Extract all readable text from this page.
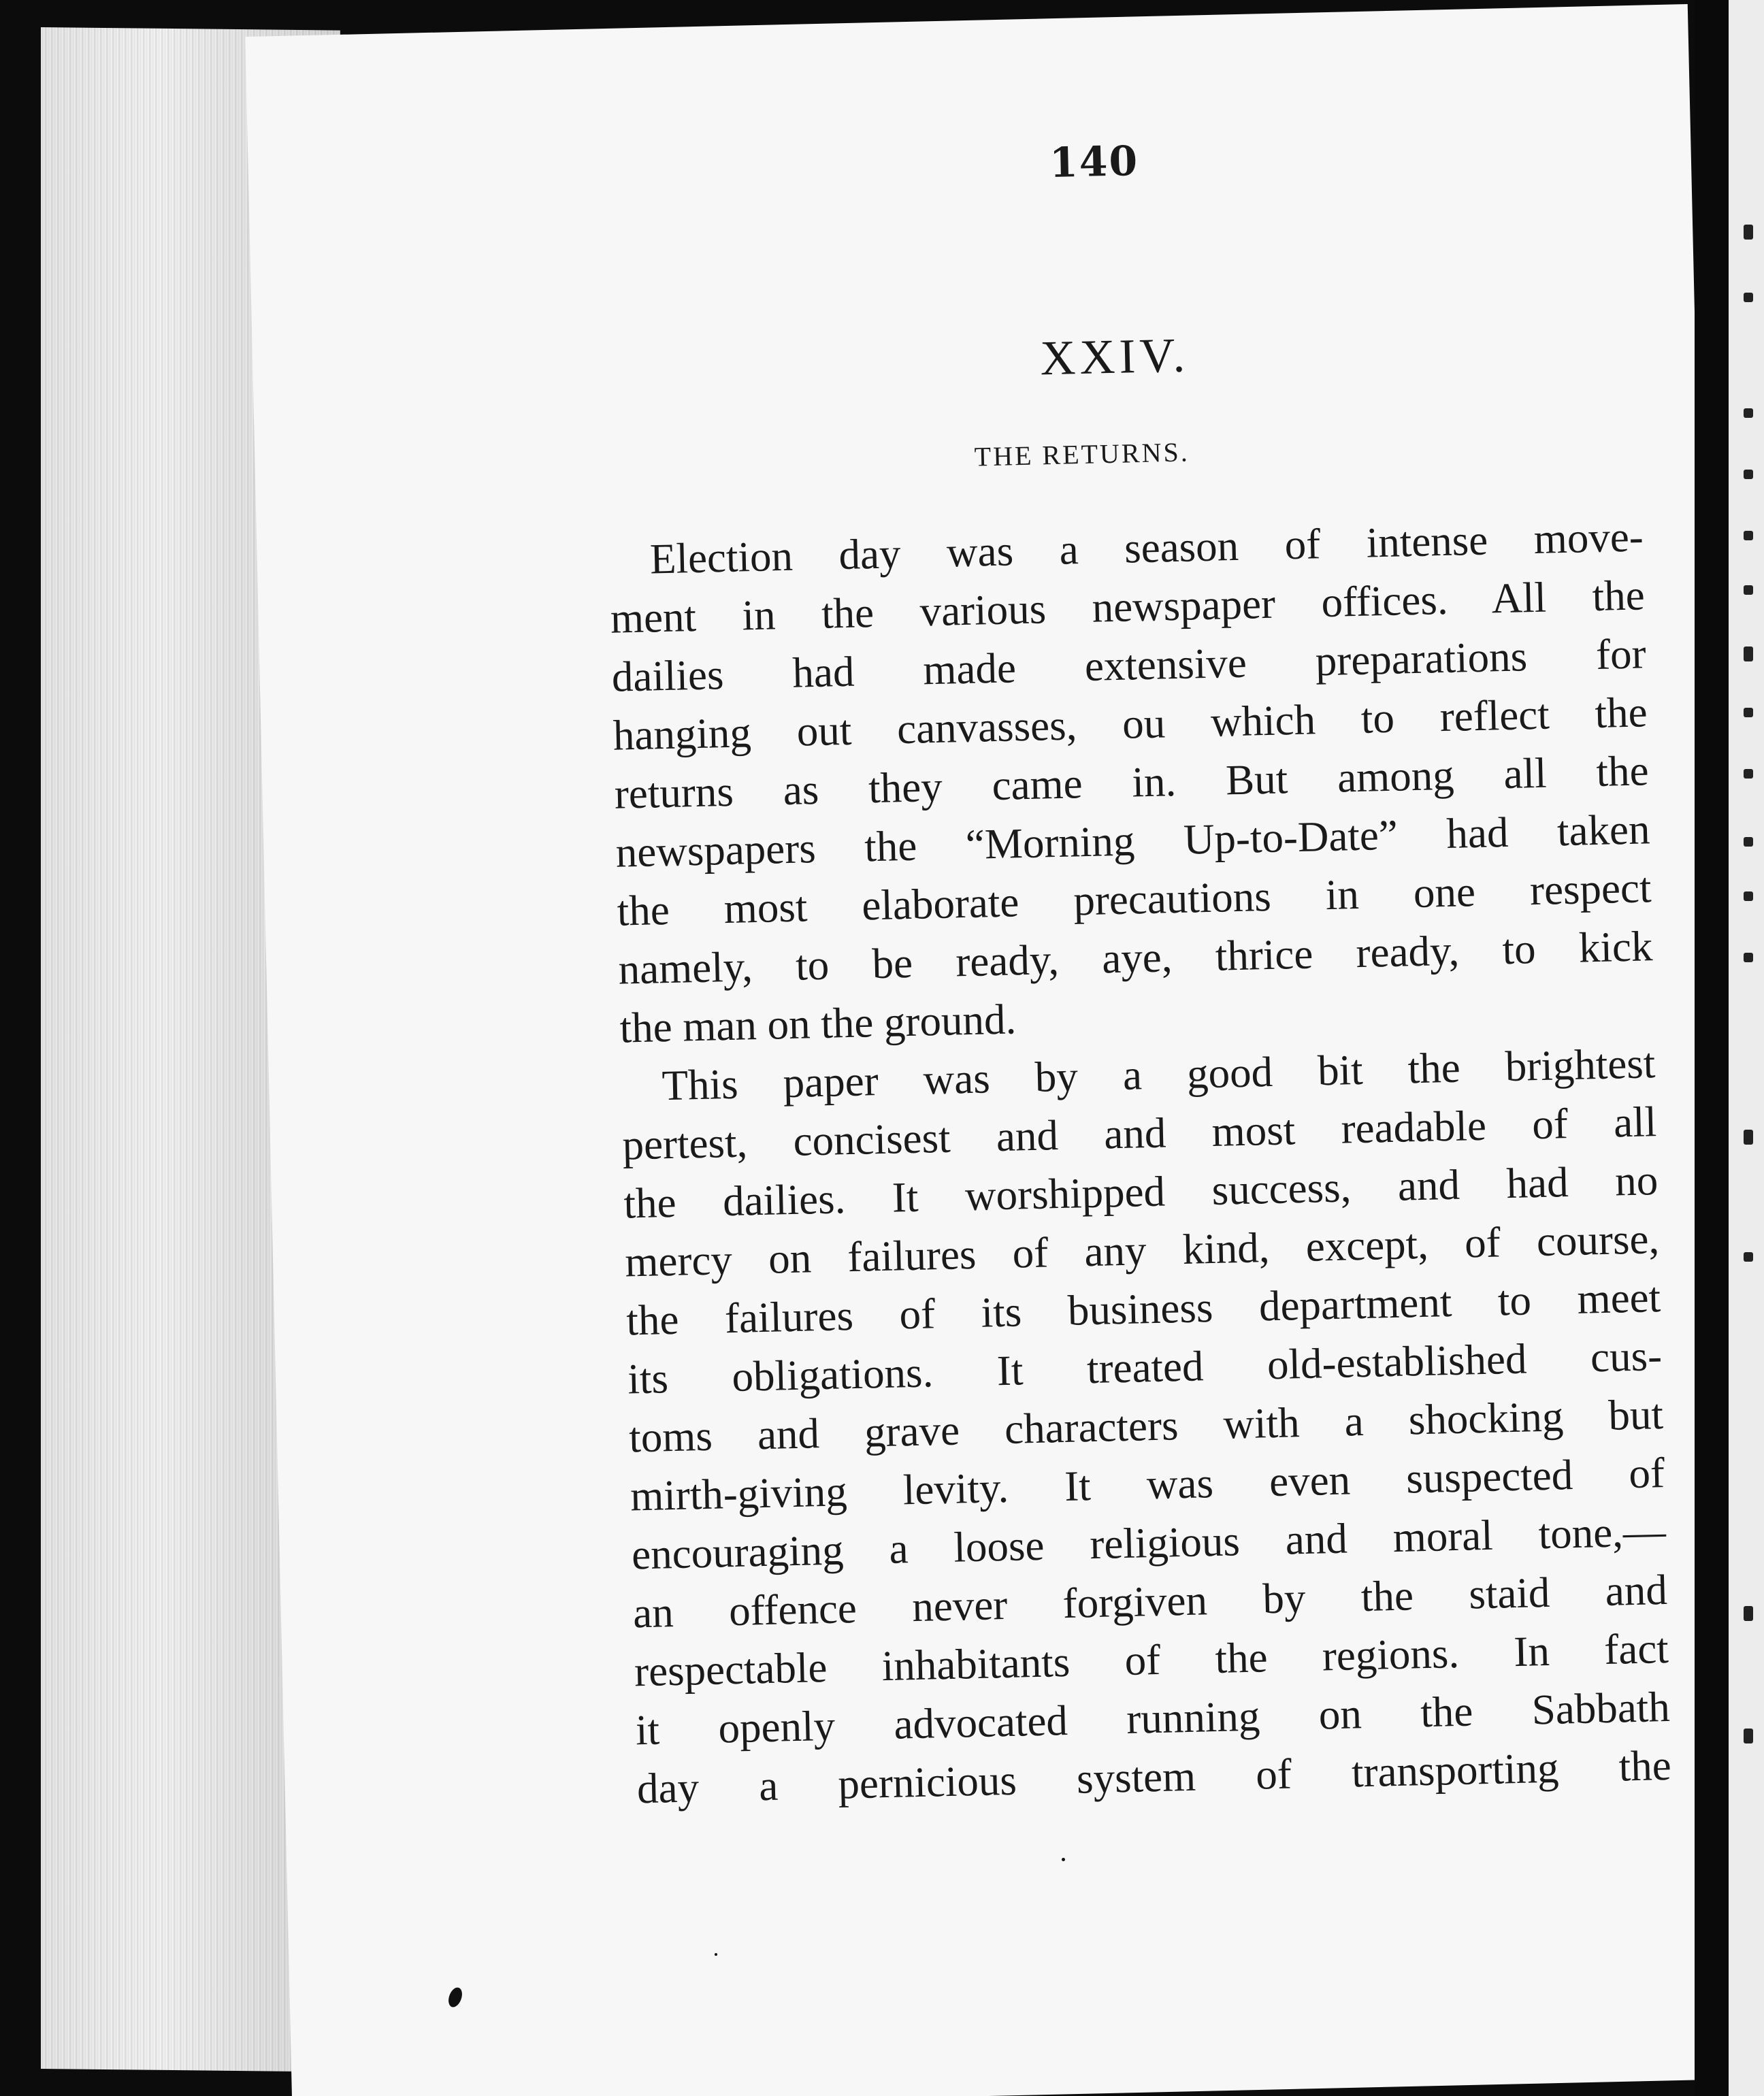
140
XXIV.
THE RETURNS.

Election day was a season of intense move-
ment in the various newspaper offices. All the
dailies had made extensive preparations for
hanging out canvasses, ou which to reflect the
returns as they came in. But among all the
newspapers the “Morning Up-to-Date” had taken
the most elaborate precautions in one respect
namely, to be ready, aye, thrice ready, to kick
the man on the ground.

This paper was by a good bit the brightest
pertest, concisest and and most readable of all
the dailies. It worshipped success, and had no
mercy on failures of any kind, except, of course,
the failures of its business department to meet
its obligations. It treated old-established cus-
toms and grave characters with a shocking but
mirth-giving levity. It was even suspected of
encouraging a loose religious and moral tone,—
an offence never forgiven by the staid and
respectable inhabitants of the regions. In fact
it openly advocated running on the Sabbath
day a pernicious system of transporting the
